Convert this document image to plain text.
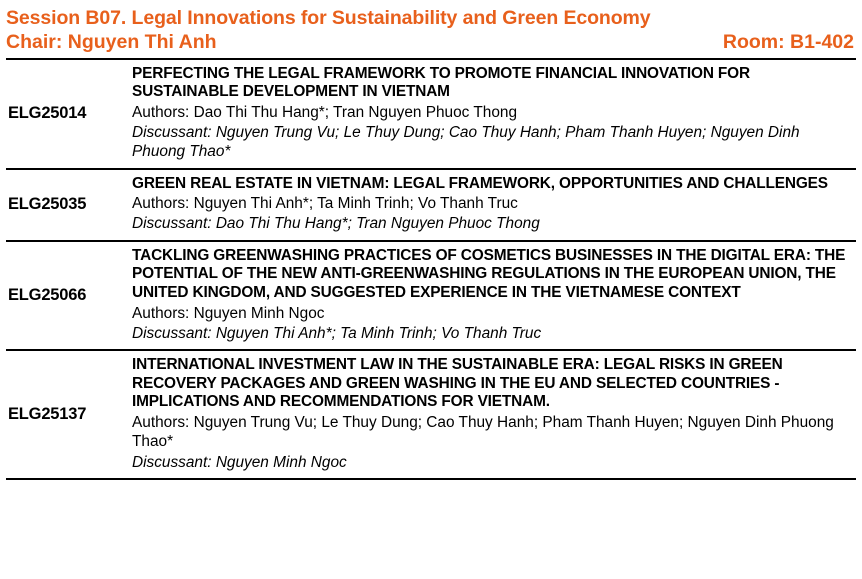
Session B07. Legal Innovations for Sustainability and Green Economy
Chair: Nguyen Thi Anh	Room: B1-402
ELG25014	PERFECTING THE LEGAL FRAMEWORK TO PROMOTE FINANCIAL INNOVATION FOR SUSTAINABLE DEVELOPMENT IN VIETNAM
Authors: Dao Thi Thu Hang*; Tran Nguyen Phuoc Thong
Discussant: Nguyen Trung Vu; Le Thuy Dung; Cao Thuy Hanh; Pham Thanh Huyen; Nguyen Dinh Phuong Thao*

ELG25035	GREEN REAL ESTATE IN VIETNAM: LEGAL FRAMEWORK, OPPORTUNITIES AND CHALLENGES
Authors: Nguyen Thi Anh*; Ta Minh Trinh; Vo Thanh Truc
Discussant: Dao Thi Thu Hang*; Tran Nguyen Phuoc Thong

ELG25066	TACKLING GREENWASHING PRACTICES OF COSMETICS BUSINESSES IN THE DIGITAL ERA: THE POTENTIAL OF THE NEW ANTI-GREENWASHING REGULATIONS IN THE EUROPEAN UNION, THE UNITED KINGDOM, AND SUGGESTED EXPERIENCE IN THE VIETNAMESE CONTEXT
Authors: Nguyen Minh Ngoc
Discussant: Nguyen Thi Anh*; Ta Minh Trinh; Vo Thanh Truc

ELG25137	INTERNATIONAL INVESTMENT LAW IN THE SUSTAINABLE ERA: LEGAL RISKS IN GREEN RECOVERY PACKAGES AND GREEN WASHING IN THE EU AND SELECTED COUNTRIES - IMPLICATIONS AND RECOMMENDATIONS FOR VIETNAM.
Authors: Nguyen Trung Vu; Le Thuy Dung; Cao Thuy Hanh; Pham Thanh Huyen; Nguyen Dinh Phuong Thao*
Discussant: Nguyen Minh Ngoc
